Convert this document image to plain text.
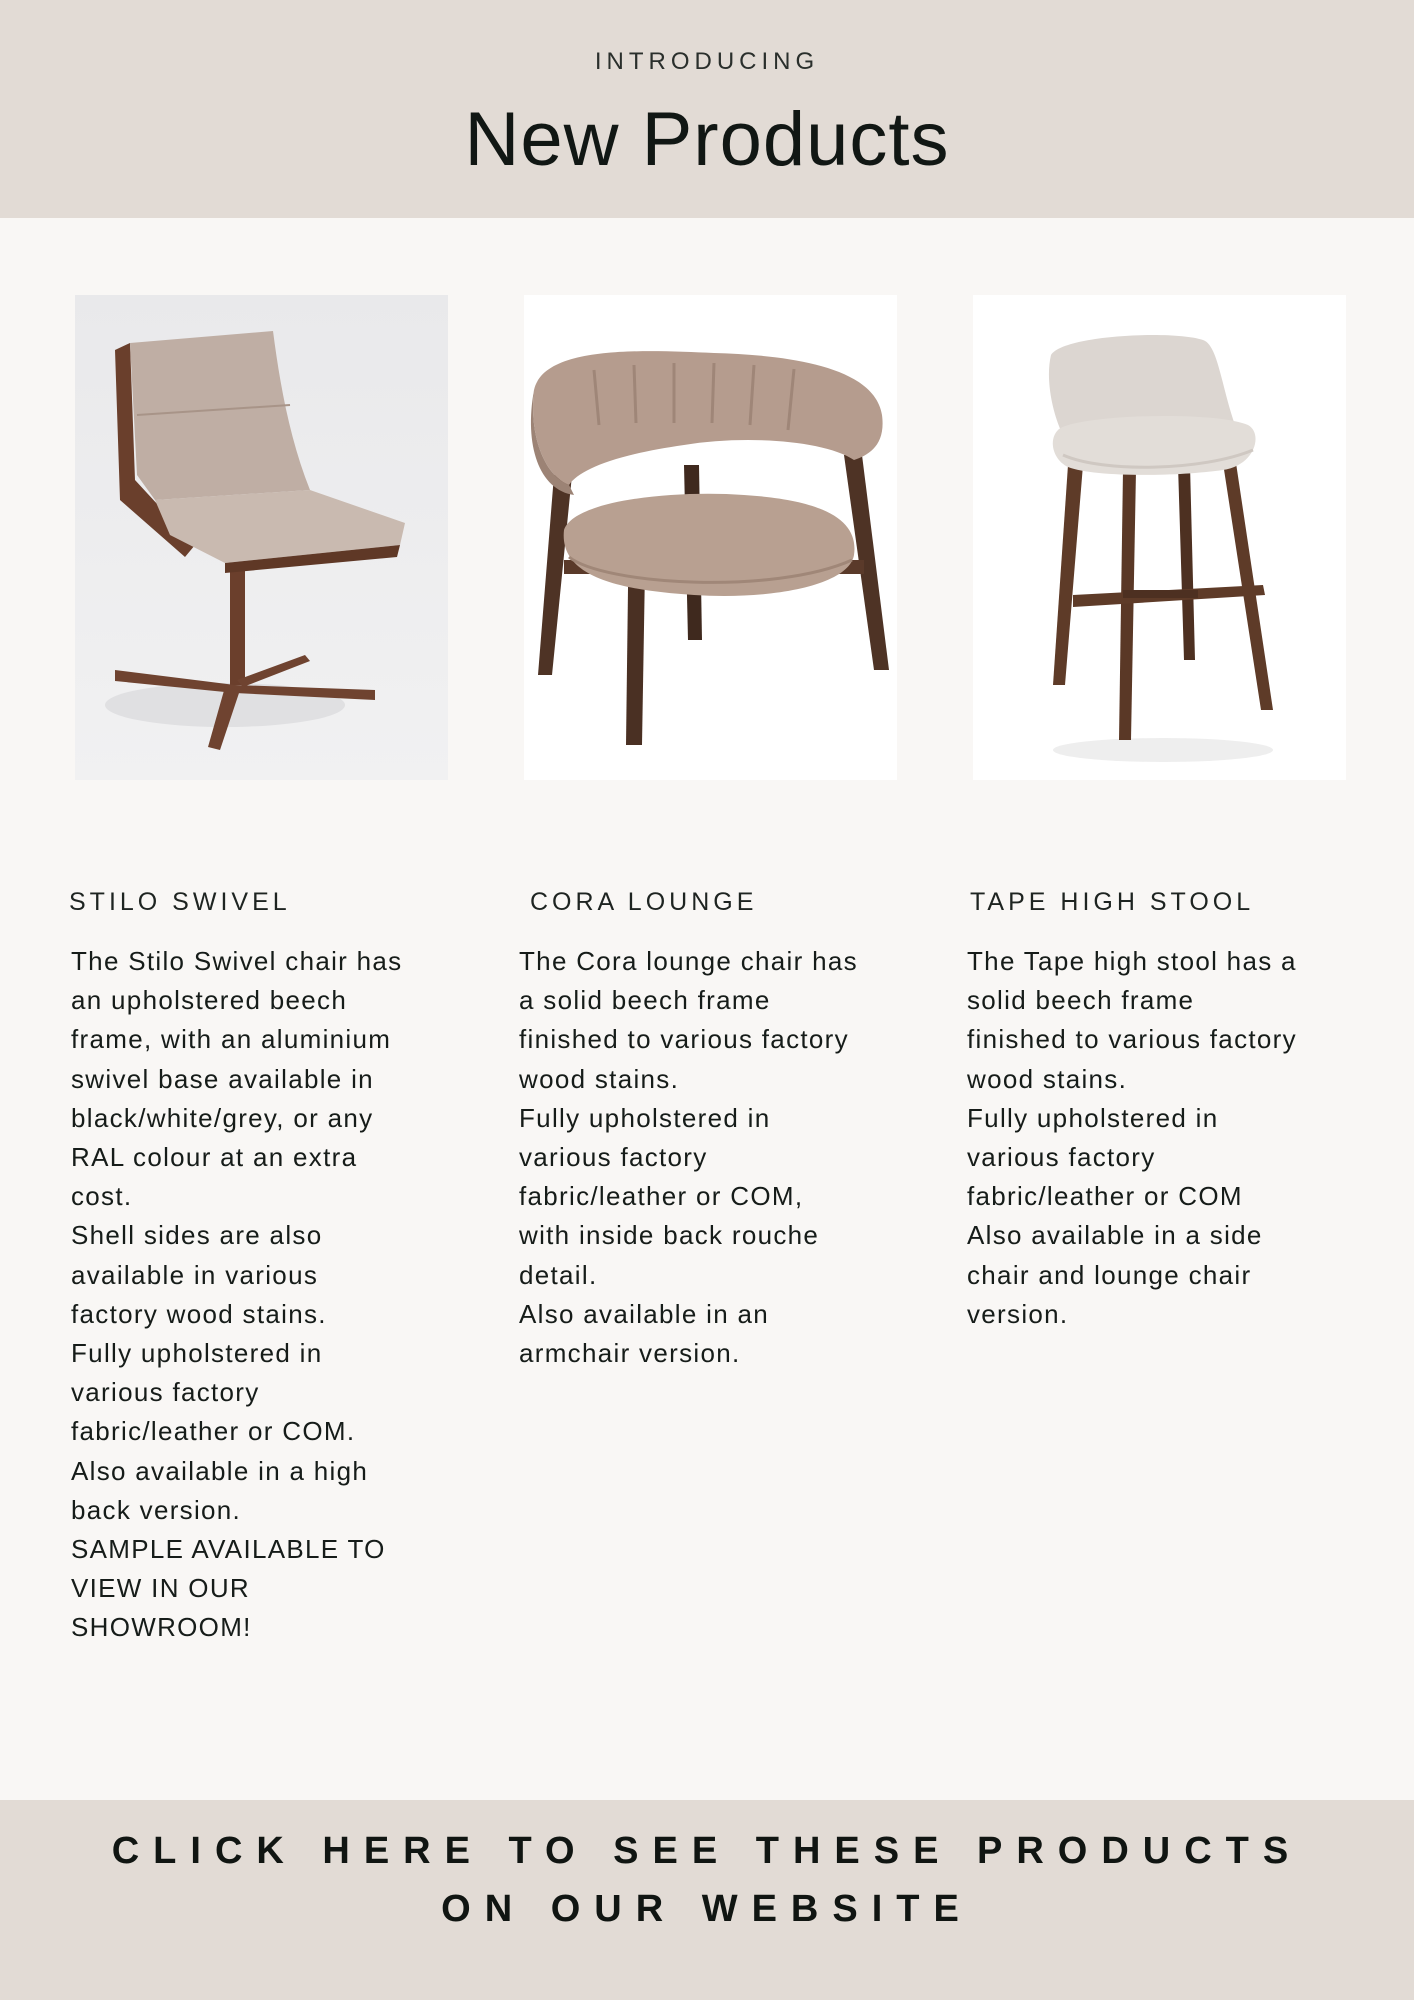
INTRODUCING
New Products
STILO SWIVEL	CORA LOUNGE	TAPE HIGH STOOL
The Stilo Swivel chair has
an upholstered beech
frame, with an aluminium
swivel base available in
black/white/grey, or any
RAL colour at an extra
cost.
Shell sides are also
available in various
factory wood stains.
Fully upholstered in
various factory
fabric/leather or COM.
Also available in a high
back version.
SAMPLE AVAILABLE TO
VIEW IN OUR
SHOWROOM!
The Cora lounge chair has
a solid beech frame
finished to various factory
wood stains.
Fully upholstered in
various factory
fabric/leather or COM,
with inside back rouche
detail.
Also available in an
armchair version.
The Tape high stool has a
solid beech frame
finished to various factory
wood stains.
Fully upholstered in
various factory
fabric/leather or COM
Also available in a side
chair and lounge chair
version.
CLICK HERE TO SEE THESE PRODUCTS
ON OUR WEBSITE
